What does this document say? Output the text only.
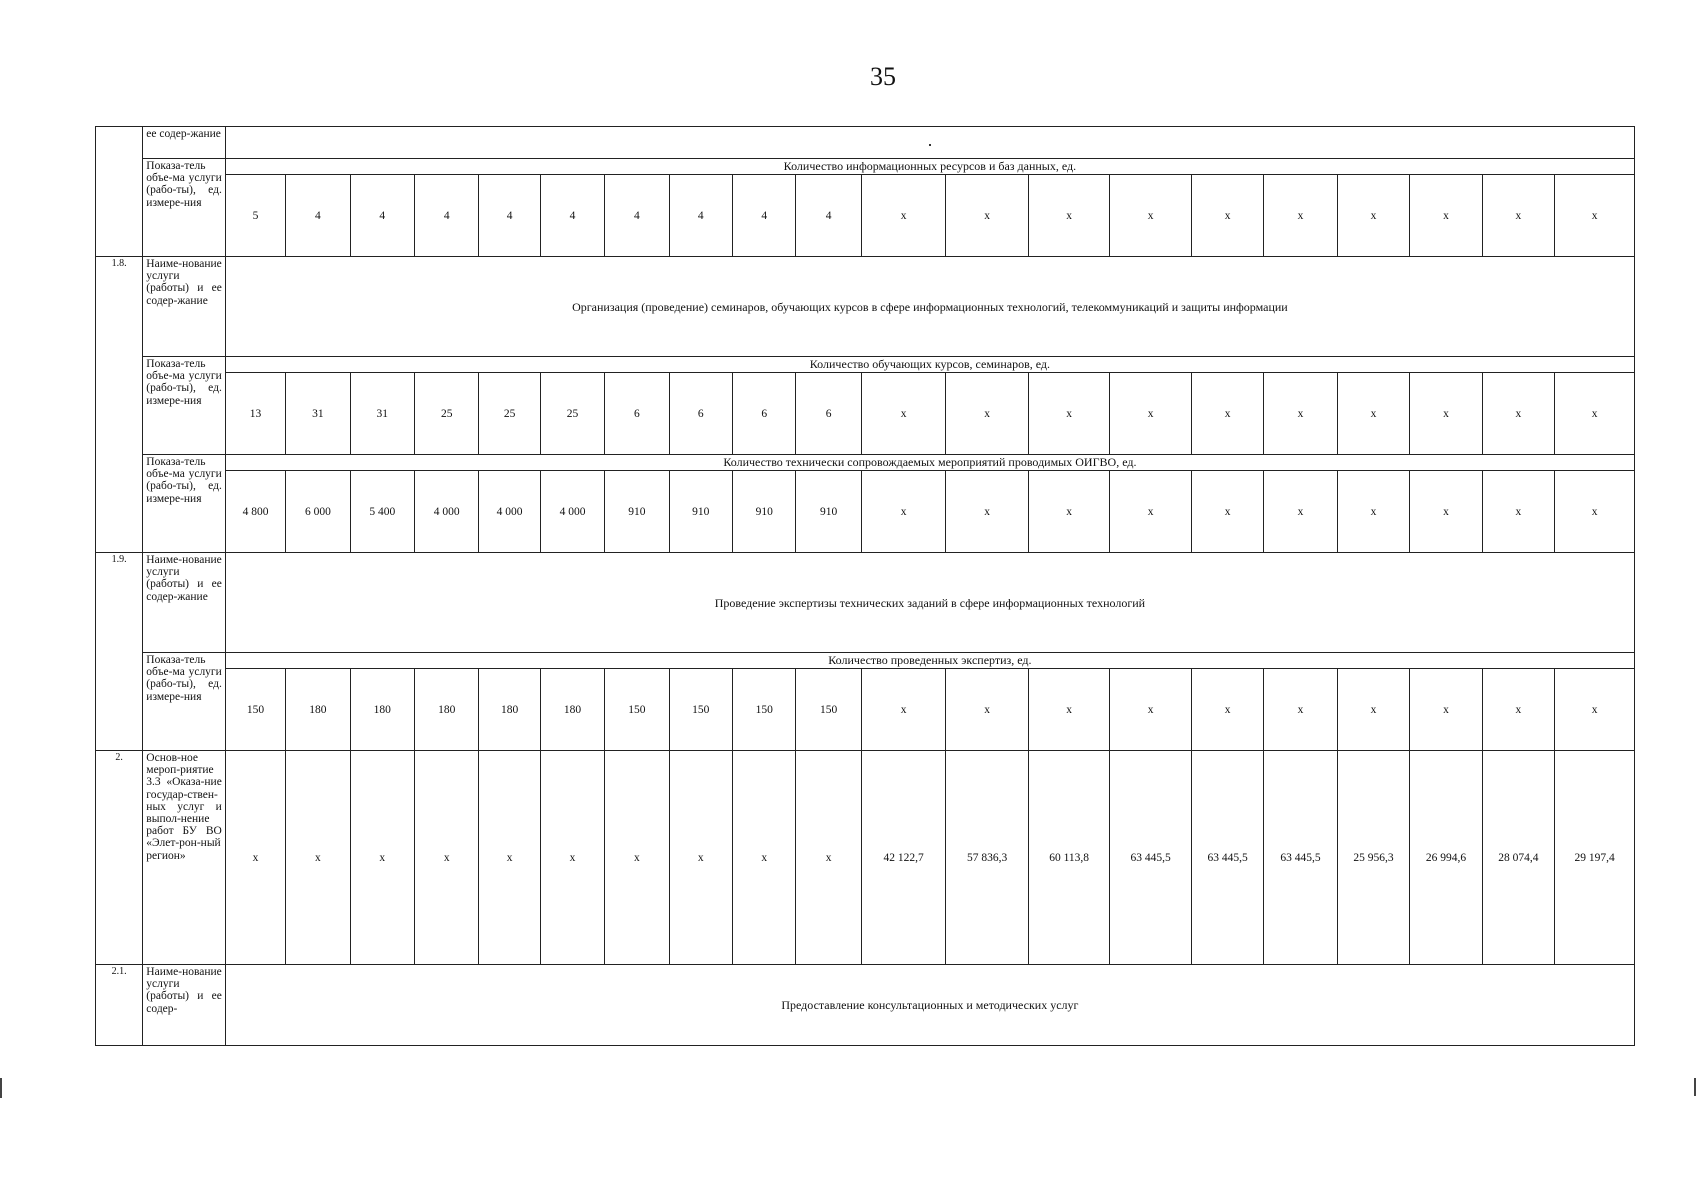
35
	ее содер-жание																				
	Показа-тель объе-ма услуги (рабо-ты), ед. измере-ния	Количество информационных ресурсов и баз данных, ед.																			
		5	4	4	4	4	4	4	4	4	4	х	х	х	х	х	х	х	х	х	х
1.8.	Наиме-нование услуги (работы) и ее содер-жание	Организация (проведение) семинаров, обучающих курсов в сфере информационных технологий, телекоммуникаций и защиты информации																			
	Показа-тель объе-ма услуги (рабо-ты), ед. измере-ния	Количество обучающих курсов, семинаров, ед.																			
		13	31	31	25	25	25	6	6	6	6	х	х	х	х	х	х	х	х	х	х
	Показа-тель объе-ма услуги (рабо-ты), ед. измере-ния	Количество технически сопровождаемых мероприятий проводимых ОИГВО, ед.																			
		4 800	6 000	5 400	4 000	4 000	4 000	910	910	910	910	х	х	х	х	х	х	х	х	х	х
1.9.	Наиме-нование услуги (работы) и ее содер-жание	Проведение экспертизы технических заданий в сфере информационных технологий																			
	Показа-тель объе-ма услуги (рабо-ты), ед. измере-ния	Количество проведенных экспертиз, ед.																			
		150	180	180	180	180	180	150	150	150	150	х	х	х	х	х	х	х	х	х	х
2.	Основ-ное мероп-риятие 3.3 «Оказа-ние государ-ствен-ных услуг и выпол-нение работ БУ ВО «Элет-рон-ный регион»	х	х	х	х	х	х	х	х	х	х	42 122,7	57 836,3	60 113,8	63 445,5	63 445,5	63 445,5	25 956,3	26 994,6	28 074,4	29 197,4
2.1.	Наиме-нование услуги (работы) и ее содер-	Предоставление консультационных и методических услуг																			
